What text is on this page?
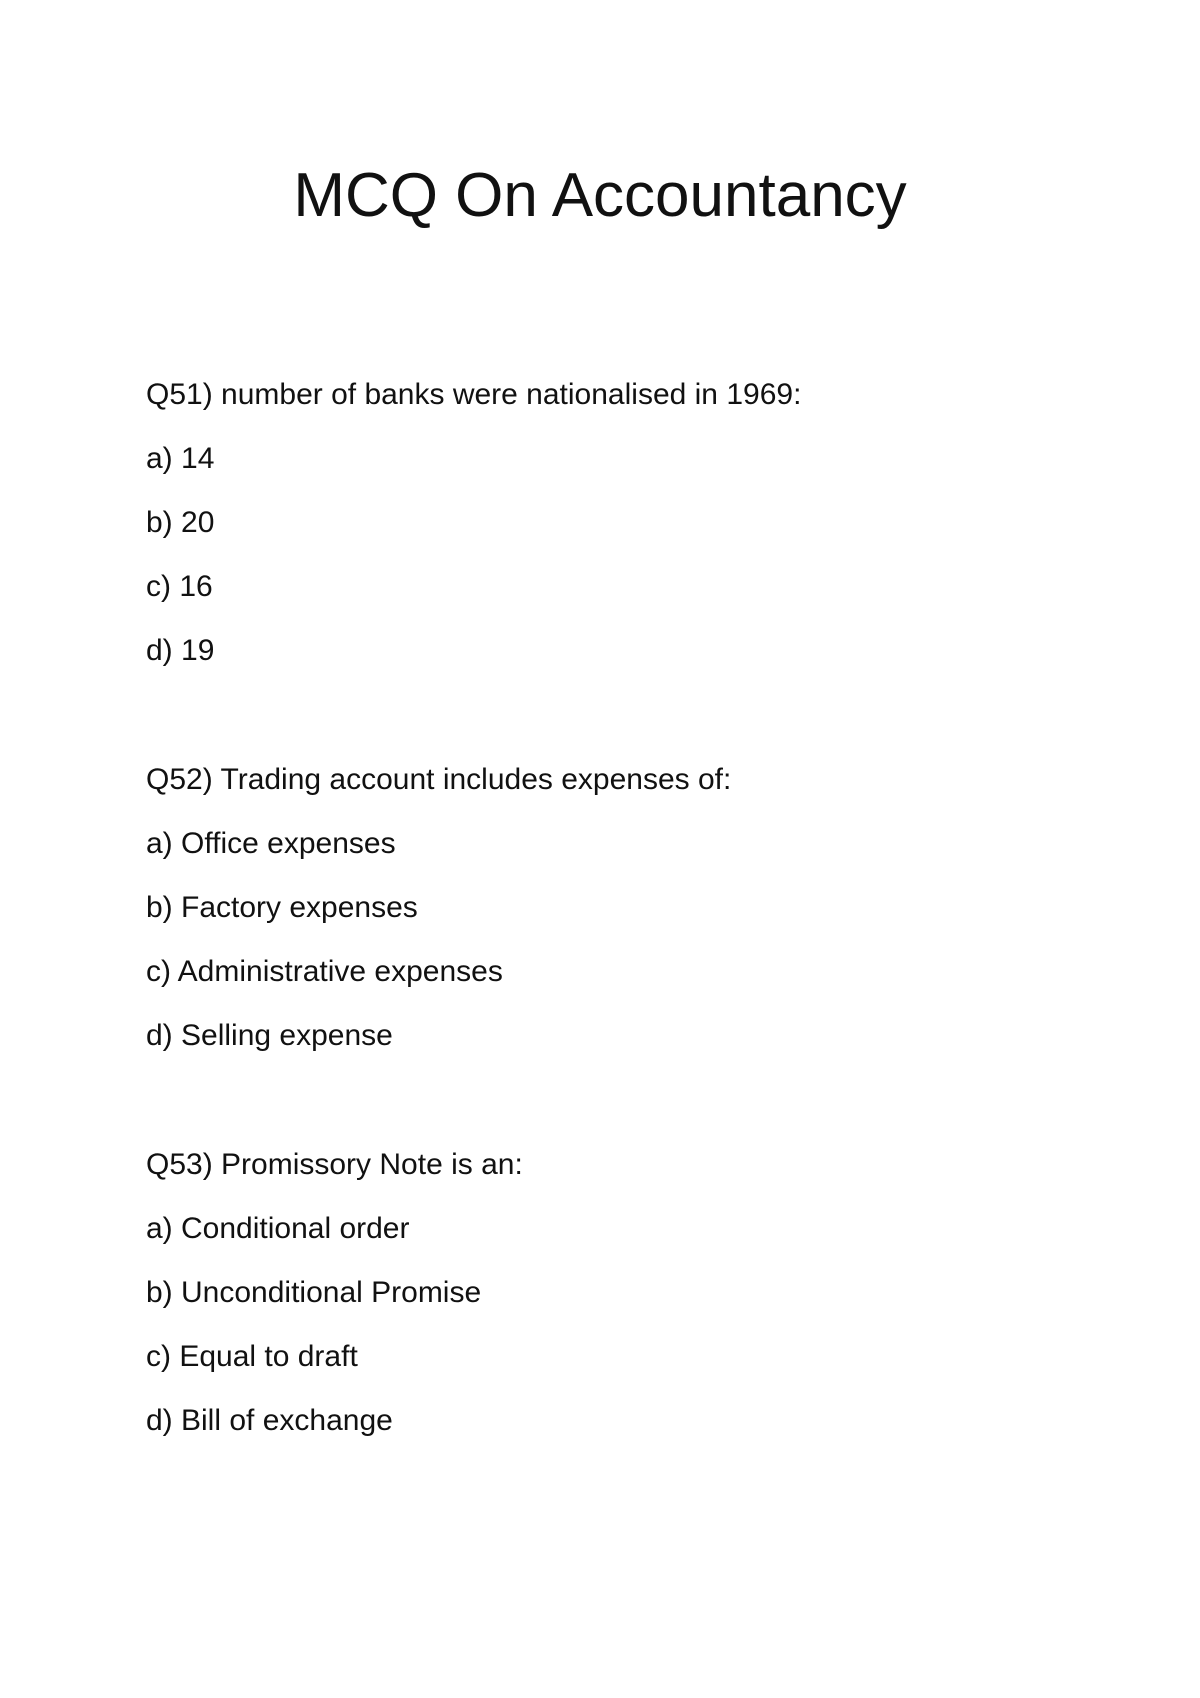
MCQ On Accountancy
Q51) number of banks were nationalised in 1969:
a) 14
b) 20
c) 16
d) 19
Q52) Trading account includes expenses of:
a) Office expenses
b) Factory expenses
c) Administrative expenses
d) Selling expense
Q53) Promissory Note is an:
a) Conditional order
b) Unconditional Promise
c) Equal to draft
d) Bill of exchange
